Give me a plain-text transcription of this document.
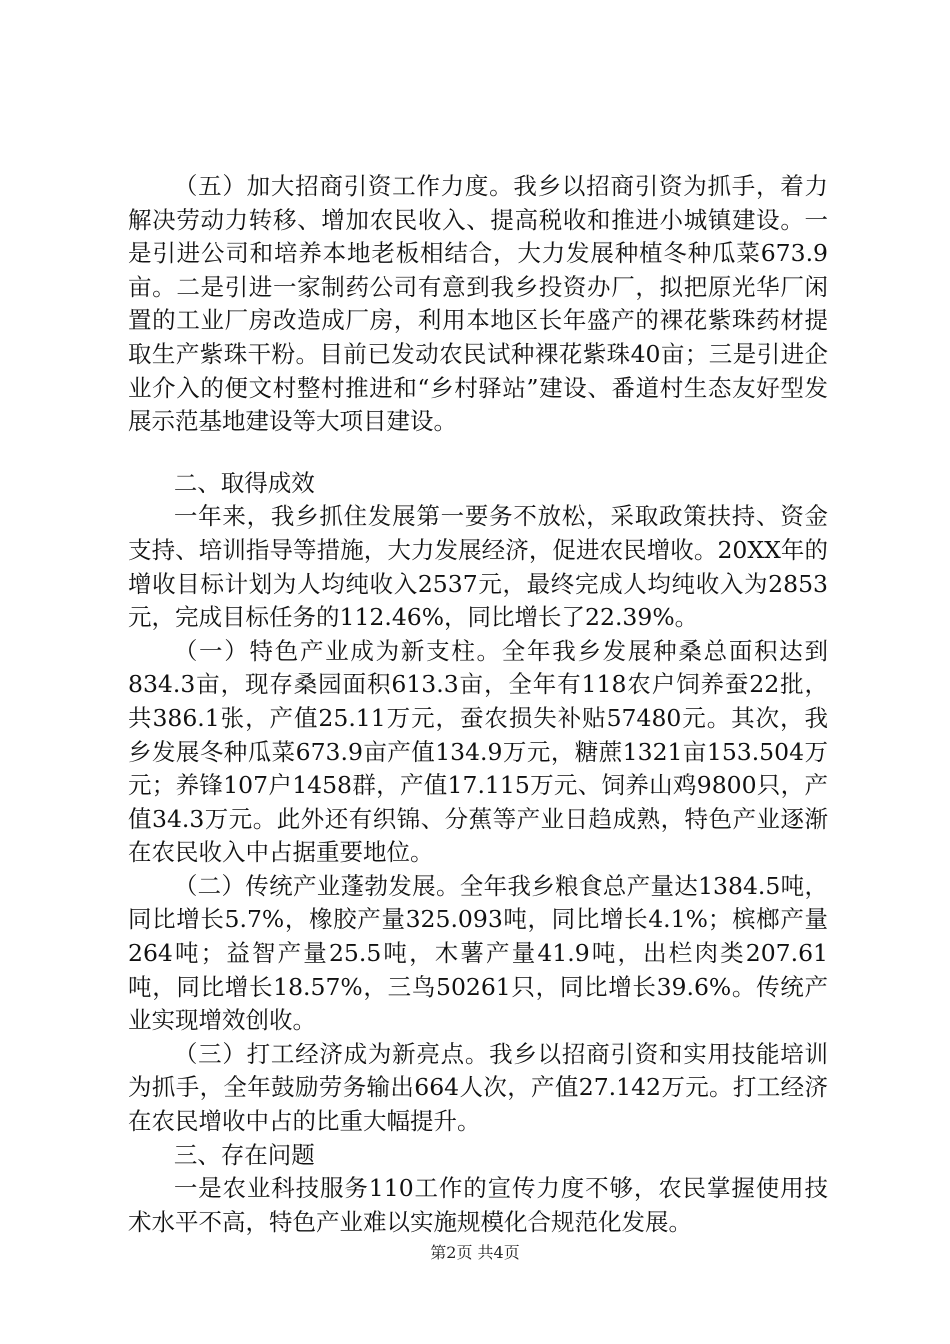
（五）加大招商引资工作力度。我乡以招商引资为抓手，着力解决劳动力转移、增加农民收入、提高税收和推进小城镇建设。一是引进公司和培养本地老板相结合，大力发展种植冬种瓜菜673.9亩。二是引进一家制药公司有意到我乡投资办厂，拟把原光华厂闲置的工业厂房改造成厂房，利用本地区长年盛产的裸花紫珠药材提取生产紫珠干粉。目前已发动农民试种裸花紫珠40亩；三是引进企业介入的便文村整村推进和“乡村驿站”建设、番道村生态友好型发展示范基地建设等大项目建设。

二、取得成效

一年来，我乡抓住发展第一要务不放松，采取政策扶持、资金支持、培训指导等措施，大力发展经济，促进农民增收。20XX年的增收目标计划为人均纯收入2537元，最终完成人均纯收入为2853元，完成目标任务的112.46%，同比增长了22.39%。

（一）特色产业成为新支柱。全年我乡发展种桑总面积达到834.3亩，现存桑园面积613.3亩，全年有118农户饲养蚕22批，共386.1张，产值25.11万元，蚕农损失补贴57480元。其次，我乡发展冬种瓜菜673.9亩产值134.9万元，糖蔗1321亩153.504万元；养锋107户1458群，产值17.115万元、饲养山鸡9800只，产值34.3万元。此外还有织锦、分蕉等产业日趋成熟，特色产业逐渐在农民收入中占据重要地位。

（二）传统产业蓬勃发展。全年我乡粮食总产量达1384.5吨，同比增长5.7%，橡胶产量325.093吨，同比增长4.1%；槟榔产量264吨；益智产量25.5吨，木薯产量41.9吨，出栏肉类207.61吨，同比增长18.57%，三鸟50261只，同比增长39.6%。传统产业实现增效创收。

（三）打工经济成为新亮点。我乡以招商引资和实用技能培训为抓手，全年鼓励劳务输出664人次，产值27.142万元。打工经济在农民增收中占的比重大幅提升。

三、存在问题

一是农业科技服务110工作的宣传力度不够，农民掌握使用技术水平不高，特色产业难以实施规模化合规范化发展。

第2页 共4页
